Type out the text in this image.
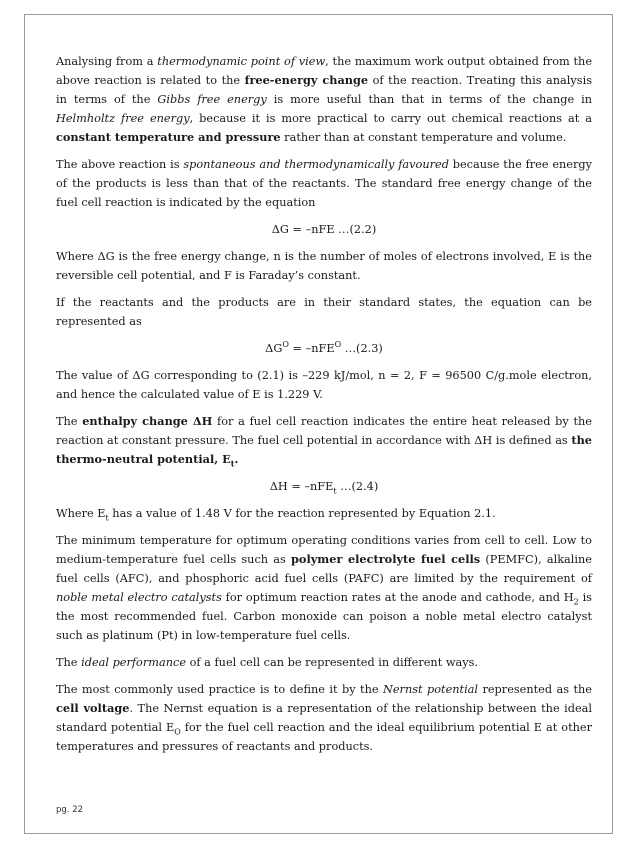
Analysing from a thermodynamic point of view, the maximum work output obtained from the above reaction is related to the free-energy change of the reaction. Treating this analysis in terms of the Gibbs free energy is more useful than that in terms of the change in Helmholtz free energy, because it is more practical to carry out chemical reactions at a constant temperature and pressure rather than at constant temperature and volume.

The above reaction is spontaneous and thermodynamically favoured because the free energy of the products is less than that of the reactants. The standard free energy change of the fuel cell reaction is indicated by the equation

ΔG = –nFE …(2.2)

Where ΔG is the free energy change, n is the number of moles of electrons involved, E is the reversible cell potential, and F is Faraday’s constant.

If the reactants and the products are in their standard states, the equation can be represented as

$\Delta G^O = -nFE^O$ …(2.3)

The value of ΔG corresponding to (2.1) is –229 kJ/mol, n = 2, F = 96500 C/g.mole electron, and hence the calculated value of E is 1.229 V.

The enthalpy change ΔH for a fuel cell reaction indicates the entire heat released by the reaction at constant pressure. The fuel cell potential in accordance with ΔH is defined as the thermo-neutral potential, $E_t$.

ΔH = –nFE$_t$ …(2.4)

Where $E_t$ has a value of 1.48 V for the reaction represented by Equation 2.1.

The minimum temperature for optimum operating conditions varies from cell to cell. Low to medium-temperature fuel cells such as polymer electrolyte fuel cells (PEMFC), alkaline fuel cells (AFC), and phosphoric acid fuel cells (PAFC) are limited by the requirement of noble metal electro catalysts for optimum reaction rates at the anode and cathode, and $H_2$ is the most recommended fuel. Carbon monoxide can poison a noble metal electro catalyst such as platinum (Pt) in low-temperature fuel cells.

The ideal performance of a fuel cell can be represented in different ways.

The most commonly used practice is to define it by the Nernst potential represented as the cell voltage. The Nernst equation is a representation of the relationship between the ideal standard potential $E_O$ for the fuel cell reaction and the ideal equilibrium potential E at other temperatures and pressures of reactants and products.

pg. 22
